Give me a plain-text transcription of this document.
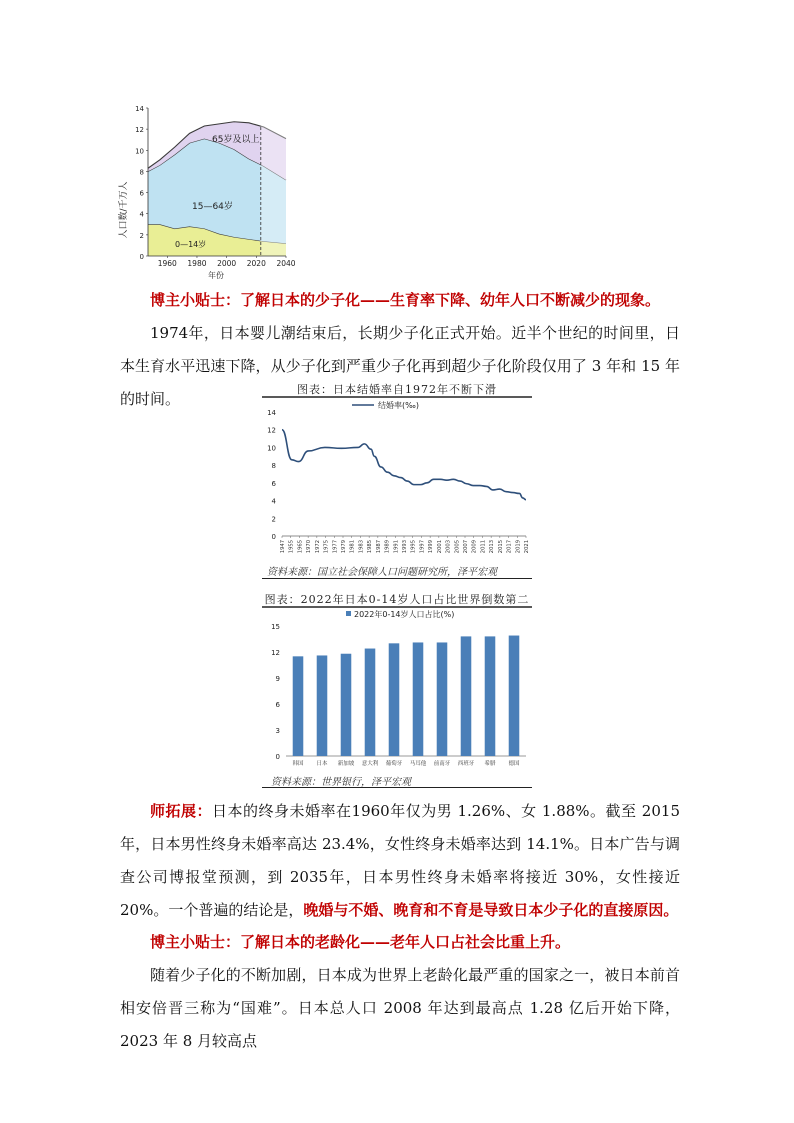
0
2
4
6
8
10
12
14
1960 1980 2000 2020 2040
人口数/千万人
年份
65岁及以上
15—64岁
0—14岁

博主小贴士：了解日本的少子化——生育率下降、幼年人口不断减少的现象。

1974年，日本婴儿潮结束后，长期少子化正式开始。近半个世纪的时间里，日本生育水平迅速下降，从少子化到严重少子化再到超少子化阶段仅用了 3 年和 15 年的时间。

图表：日本结婚率自1972年不断下滑
结婚率(‰)
0
2
4
6
8
10
12
14
1947 1955 1965 1970 1972 1975 1977 1979 1981 1983 1985 1987 1989 1991 1993 1995 1997 1999 2001 2003 2005 2007 2009 2011 2013 2015 2017 2019 2021
资料来源：国立社会保障人口问题研究所，泽平宏观
图表：2022年日本0-14岁人口占比世界倒数第二
2022年0-14岁人口占比(%)
0
3
6
9
12
15
韩国 日本 新加坡 意大利 葡萄牙 马耳他 前南牙 西班牙 希腊 德国
资料来源：世界银行，泽平宏观

师拓展：日本的终身未婚率在1960年仅为男 1.26%、女 1.88%。截至 2015 年，日本男性终身未婚率高达 23.4%，女性终身未婚率达到 14.1%。日本广告与调查公司博报堂预测，到 2035年，日本男性终身未婚率将接近 30%，女性接近 20%。一个普遍的结论是，晚婚与不婚、晚育和不育是导致日本少子化的直接原因。

博主小贴士：了解日本的老龄化——老年人口占社会比重上升。

随着少子化的不断加剧，日本成为世界上老龄化最严重的国家之一，被日本前首相安倍晋三称为“国难”。日本总人口 2008 年达到最高点 1.28 亿后开始下降，2023 年 8 月较高点
